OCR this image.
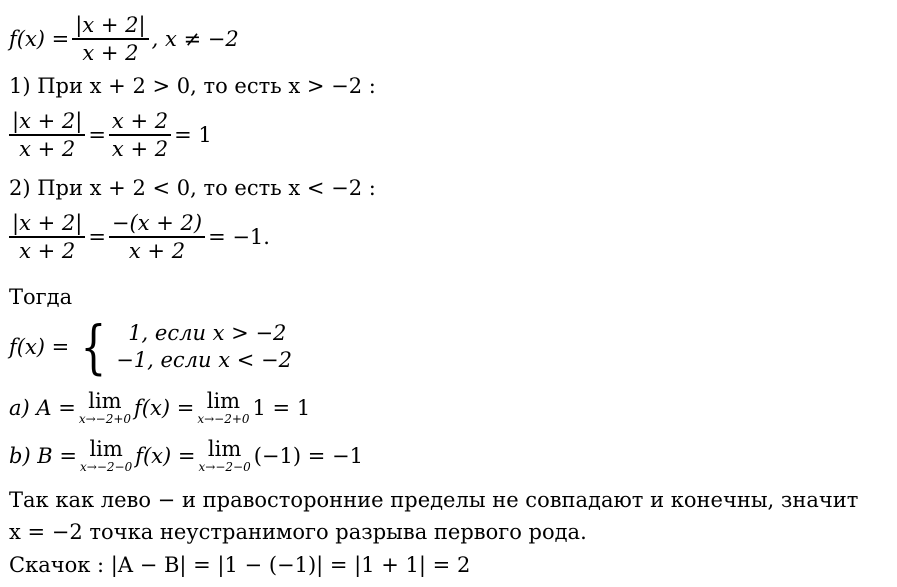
$f(x) = \frac{|x + 2|}{x + 2}$ , x ≠ −2
1) При x + 2 > 0, то есть x > −2 :
$\frac{|x + 2|}{x + 2} = \frac{x + 2}{x + 2} = 1$
2) При x + 2 < 0, то есть x < −2 :
$\frac{|x + 2|}{x + 2} = \frac{-(x + 2)}{x + 2} = -1$.
Тогда
f(x) = {	1, если x > −2
−1, если x < −2
a) A = lim
x→−2+0 f(x) = lim
x→−2+0 1 = 1
b) B = lim
x→−2−0 f(x) = lim
x→−2−0 (−1) = −1
Так как лево − и правосторонние пределы не совпадают и конечны, значит
x = −2 точка неустранимого разрыва первого рода.
Скачок : |A − B| = |1 − (−1)| = |1 + 1| = 2
